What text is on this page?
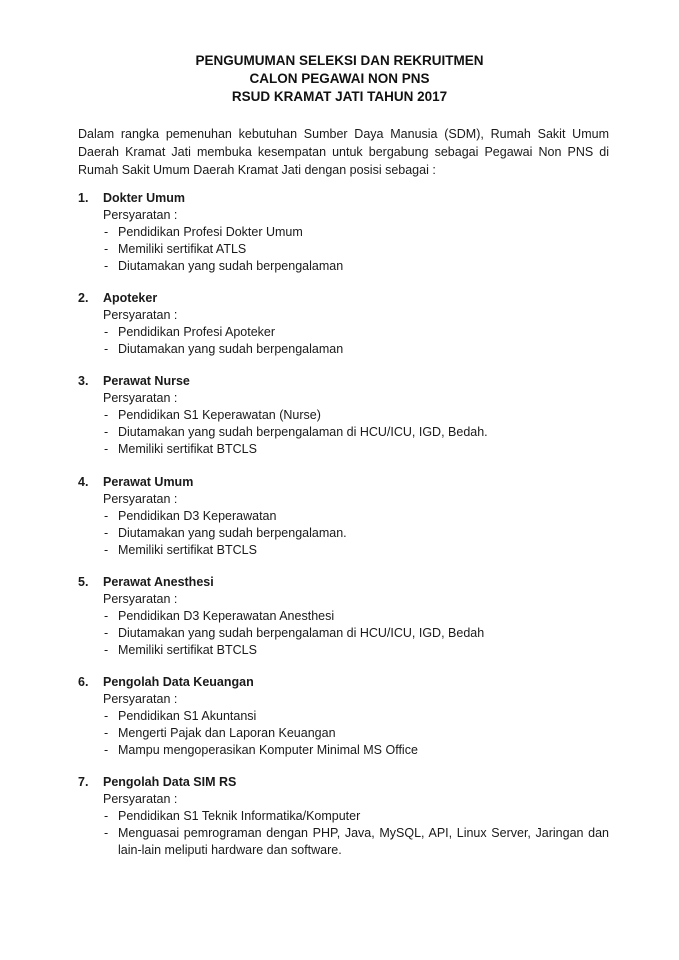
PENGUMUMAN SELEKSI DAN REKRUITMEN
CALON PEGAWAI NON PNS
RSUD KRAMAT JATI TAHUN 2017

Dalam rangka pemenuhan kebutuhan Sumber Daya Manusia (SDM), Rumah Sakit Umum Daerah Kramat Jati membuka kesempatan untuk bergabung sebagai Pegawai Non PNS di Rumah Sakit Umum Daerah Kramat Jati dengan posisi sebagai :

1. Dokter Umum
Persyaratan :
- Pendidikan Profesi Dokter Umum
- Memiliki sertifikat ATLS
- Diutamakan yang sudah berpengalaman
2. Apoteker
Persyaratan :
- Pendidikan Profesi Apoteker
- Diutamakan yang sudah berpengalaman
3. Perawat Nurse
Persyaratan :
- Pendidikan S1 Keperawatan (Nurse)
- Diutamakan yang sudah berpengalaman di HCU/ICU, IGD, Bedah.
- Memiliki sertifikat BTCLS
4. Perawat Umum
Persyaratan :
- Pendidikan D3 Keperawatan
- Diutamakan yang sudah berpengalaman.
- Memiliki sertifikat BTCLS
5. Perawat Anesthesi
Persyaratan :
- Pendidikan D3 Keperawatan Anesthesi
- Diutamakan yang sudah berpengalaman di HCU/ICU, IGD, Bedah
- Memiliki sertifikat BTCLS
6. Pengolah Data Keuangan
Persyaratan :
- Pendidikan S1 Akuntansi
- Mengerti Pajak dan Laporan Keuangan
- Mampu mengoperasikan Komputer Minimal MS Office
7. Pengolah Data SIM RS
Persyaratan :
- Pendidikan S1 Teknik Informatika/Komputer
- Menguasai pemrograman dengan PHP, Java, MySQL, API, Linux Server, Jaringan dan lain-lain meliputi hardware dan software.
